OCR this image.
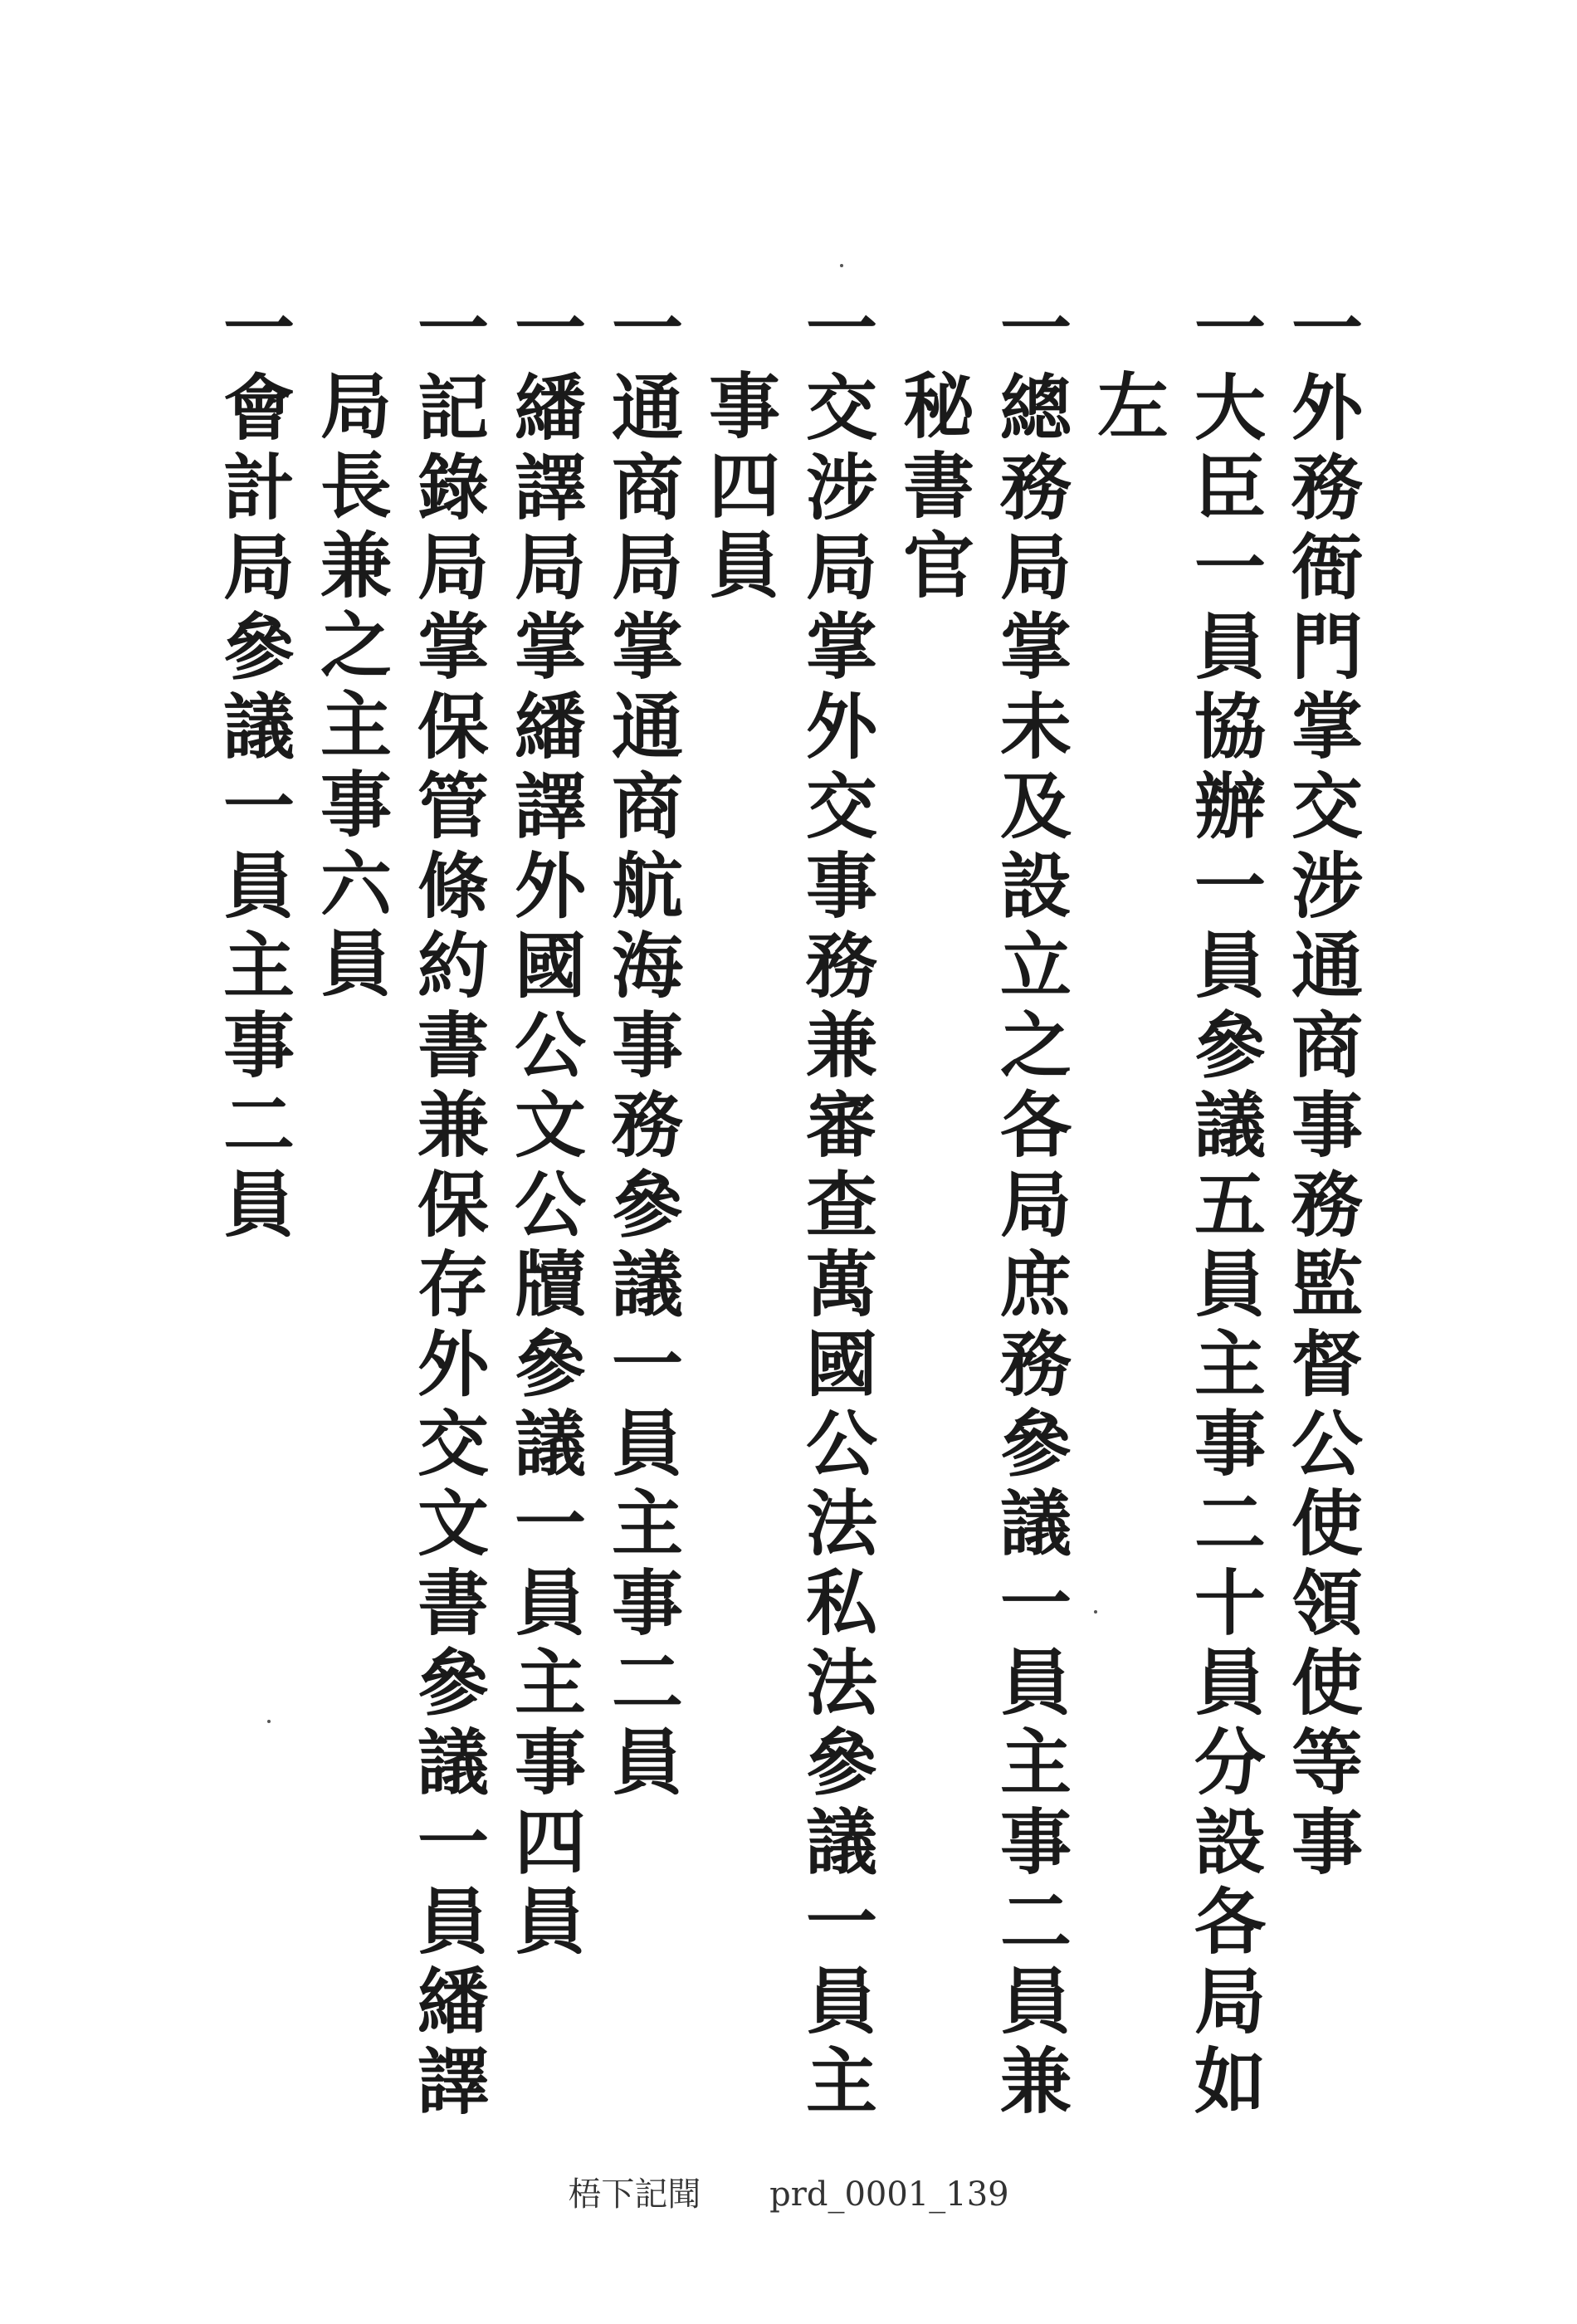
一外務衙門掌交涉通商事務監督公使領使等事
一大臣一員協辦一員參議五員主事二十員分設各局如
左
一總務局掌未及設立之各局庶務參議一員主事二員兼
秘書官
一交涉局掌外交事務兼審查萬國公法私法參議一員主
事四員
一通商局掌通商航海事務參議一員主事二員
一繙譯局掌繙譯外國公文公牘參議一員主事四員
一記錄局掌保管條約書兼保存外交文書參議一員繙譯
局長兼之主事六員
一會計局參議一員主事二員
梧下記聞 prd_0001_139
